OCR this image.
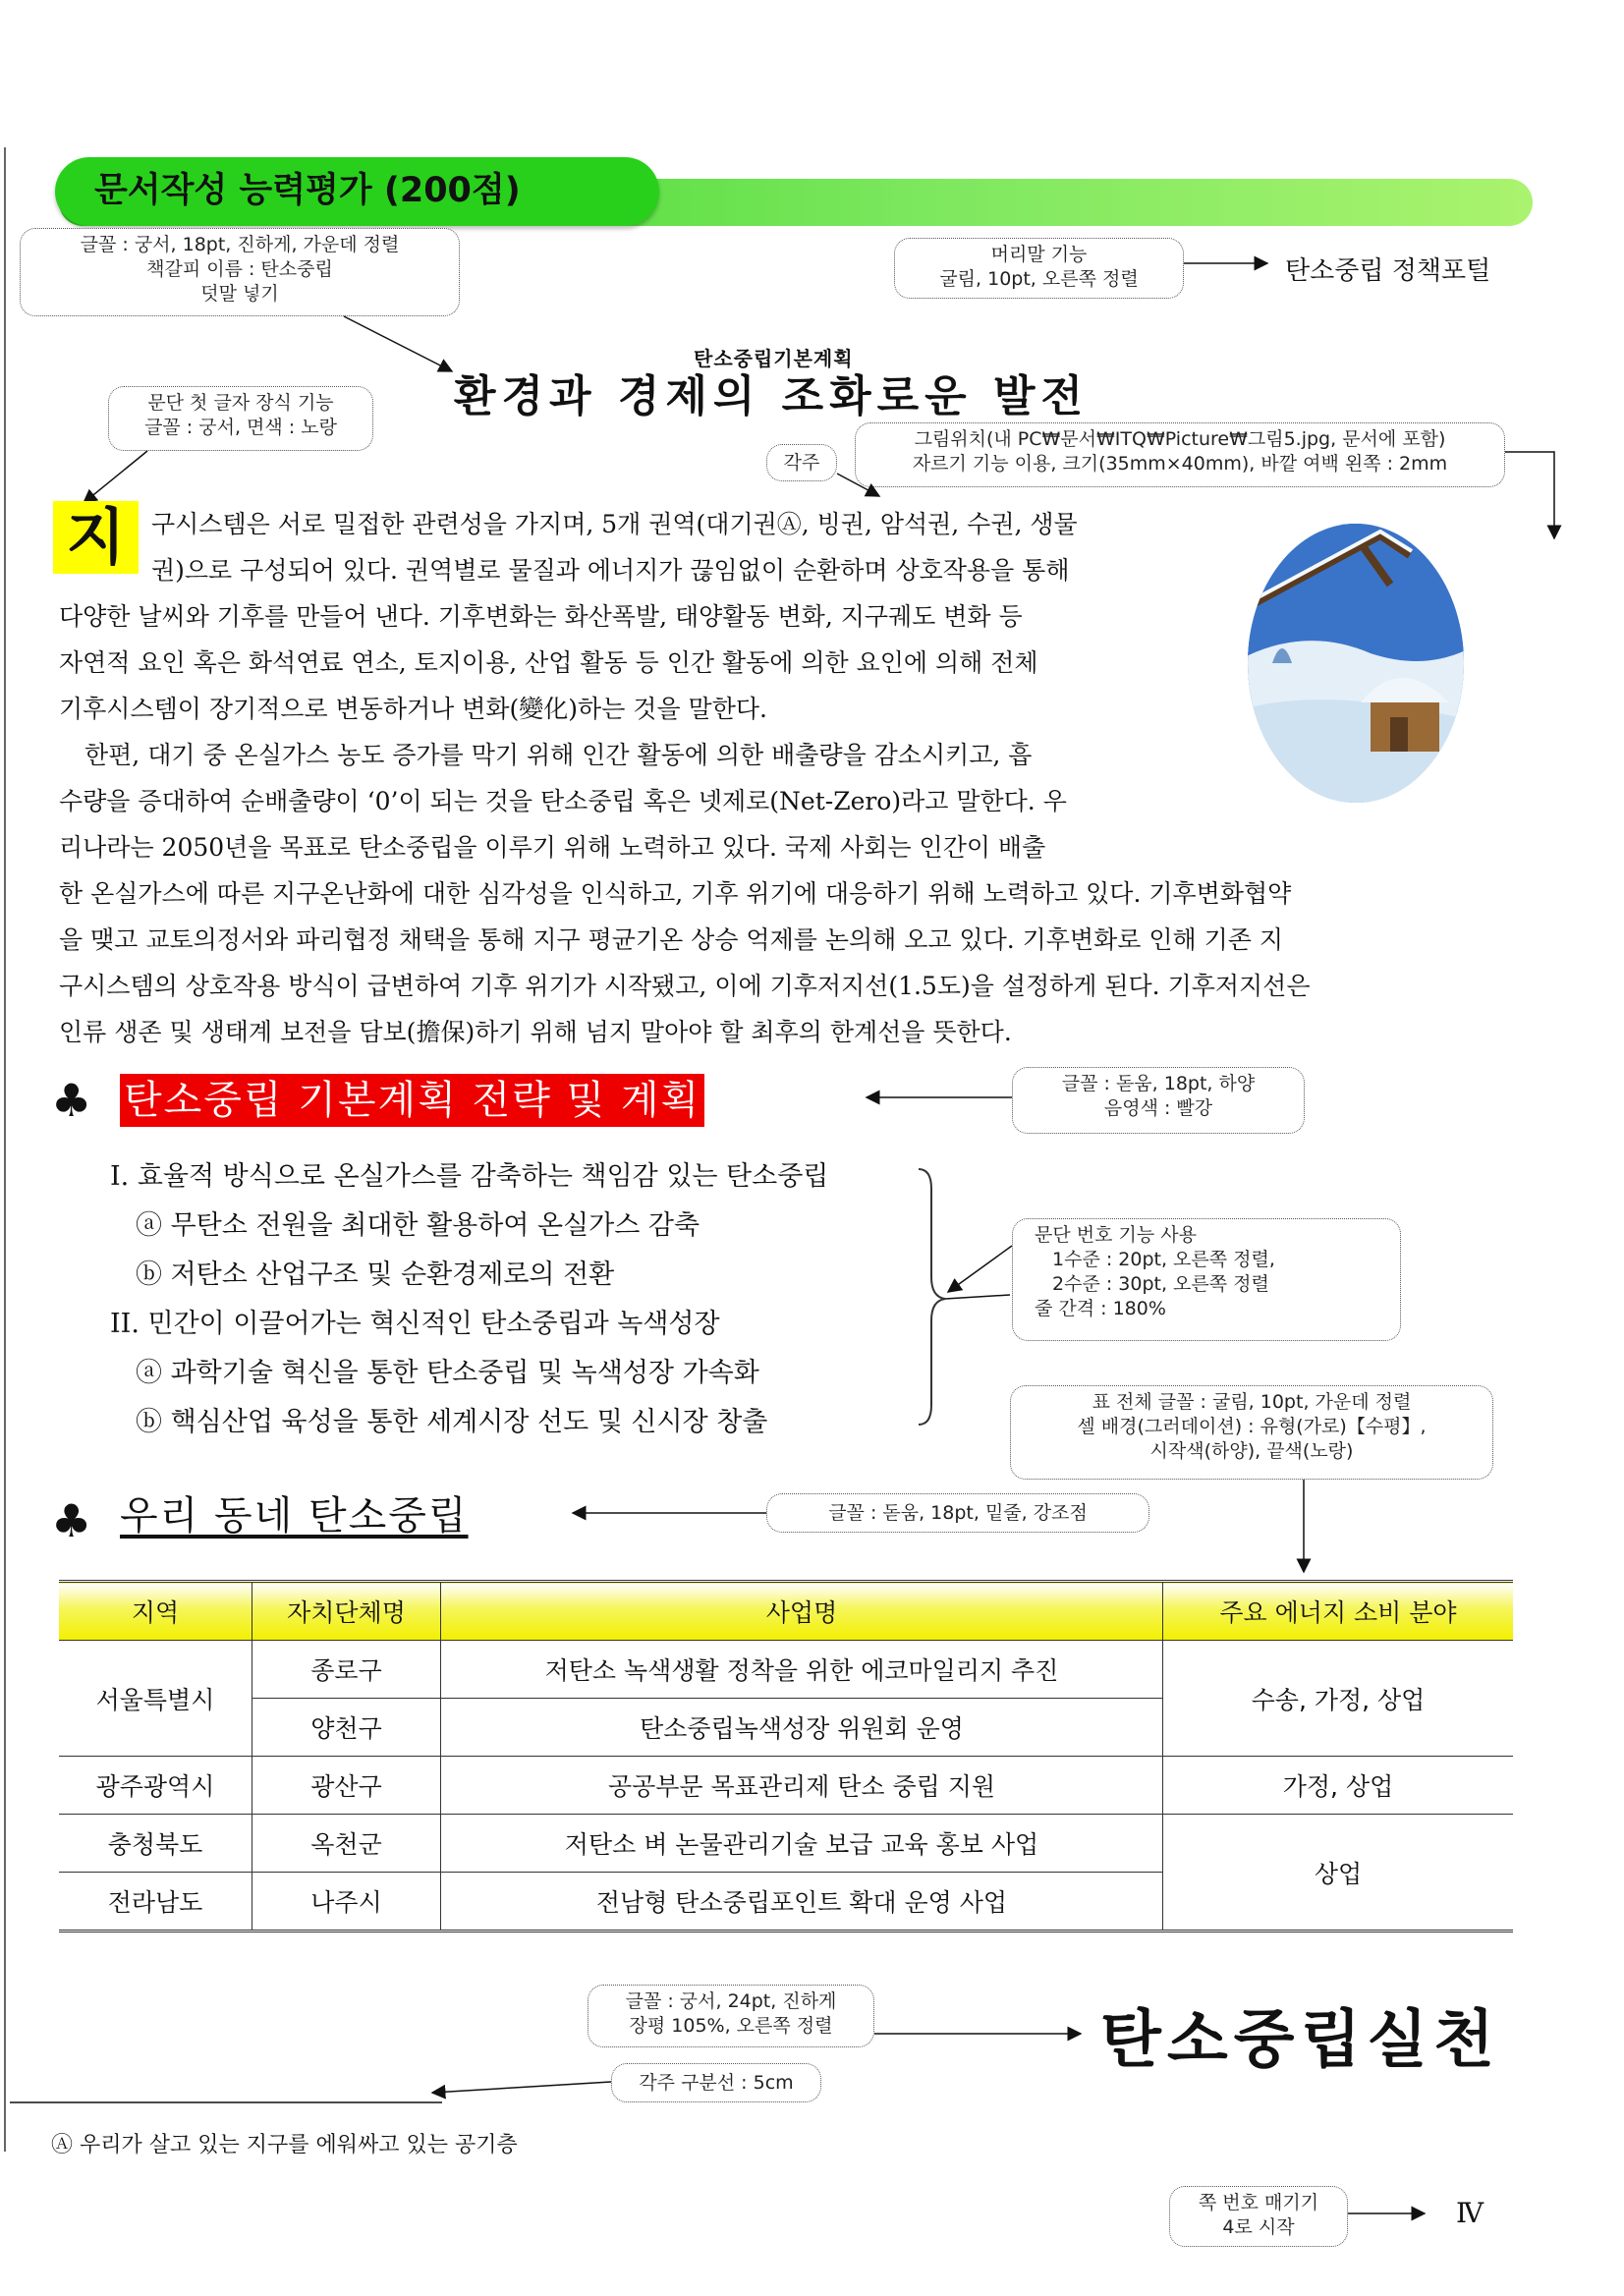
문서작성 능력평가 (200점)
글꼴 : 궁서, 18pt, 진하게, 가운데 정렬
책갈피 이름 : 탄소중립
덧말 넣기
머리말 기능
굴림, 10pt, 오른쪽 정렬	탄소중립 정책포털
문단 첫 글자 장식 기능
글꼴 : 궁서, 면색 : 노랑
탄소중립기본계획
환경과 경제의 조화로운 발전
각주
그림위치(내 PC₩문서₩ITQ₩Picture₩그림5.jpg, 문서에 포함)
자르기 기능 이용, 크기(35mm×40mm), 바깥 여백 왼쪽 : 2mm
지	구시스템은 서로 밀접한 관련성을 가지며, 5개 권역(대기권Ⓐ, 빙권, 암석권, 수권, 생물
권)으로 구성되어 있다. 권역별로 물질과 에너지가 끊임없이 순환하며 상호작용을 통해
다양한 날씨와 기후를 만들어 낸다. 기후변화는 화산폭발, 태양활동 변화, 지구궤도 변화 등
자연적 요인 혹은 화석연료 연소, 토지이용, 산업 활동 등 인간 활동에 의한 요인에 의해 전체
기후시스템이 장기적으로 변동하거나 변화(變化)하는 것을 말한다.
한편, 대기 중 온실가스 농도 증가를 막기 위해 인간 활동에 의한 배출량을 감소시키고, 흡
수량을 증대하여 순배출량이 ‘0’이 되는 것을 탄소중립 혹은 넷제로(Net-Zero)라고 말한다. 우
리나라는 2050년을 목표로 탄소중립을 이루기 위해 노력하고 있다. 국제 사회는 인간이 배출
한 온실가스에 따른 지구온난화에 대한 심각성을 인식하고, 기후 위기에 대응하기 위해 노력하고 있다. 기후변화협약
을 맺고 교토의정서와 파리협정 채택을 통해 지구 평균기온 상승 억제를 논의해 오고 있다. 기후변화로 인해 기존 지
구시스템의 상호작용 방식이 급변하여 기후 위기가 시작됐고, 이에 기후저지선(1.5도)을 설정하게 된다. 기후저지선은
인류 생존 및 생태계 보전을 담보(擔保)하기 위해 넘지 말아야 할 최후의 한계선을 뜻한다.
♣ 탄소중립 기본계획 전략 및 계획	글꼴 : 돋움, 18pt, 하양
음영색 : 빨강
I. 효율적 방식으로 온실가스를 감축하는 책임감 있는 탄소중립
ⓐ 무탄소 전원을 최대한 활용하여 온실가스 감축
ⓑ 저탄소 산업구조 및 순환경제로의 전환
II. 민간이 이끌어가는 혁신적인 탄소중립과 녹색성장
ⓐ 과학기술 혁신을 통한 탄소중립 및 녹색성장 가속화
ⓑ 핵심산업 육성을 통한 세계시장 선도 및 신시장 창출
문단 번호 기능 사용
1수준 : 20pt, 오른쪽 정렬,
2수준 : 30pt, 오른쪽 정렬
줄 간격 : 180%
표 전체 글꼴 : 굴림, 10pt, 가운데 정렬
셀 배경(그러데이션) : 유형(가로)【수평】,
시작색(하양), 끝색(노랑)
♣ 우리 동네 탄소중립	글꼴 : 돋움, 18pt, 밑줄, 강조점
지역	자치단체명	사업명	주요 에너지 소비 분야
서울특별시	종로구	저탄소 녹색생활 정착을 위한 에코마일리지 추진	수송, 가정, 상업
	양천구	탄소중립녹색성장 위원회 운영	
광주광역시	광산구	공공부문 목표관리제 탄소 중립 지원	가정, 상업
충청북도	옥천군	저탄소 벼 논물관리기술 보급 교육 홍보 사업	상업
전라남도	나주시	전남형 탄소중립포인트 확대 운영 사업	
글꼴 : 궁서, 24pt, 진하게
장평 105%, 오른쪽 정렬	탄소중립실천
각주 구분선 : 5cm
Ⓐ 우리가 살고 있는 지구를 에워싸고 있는 공기층
쪽 번호 매기기
4로 시작	Ⅳ
